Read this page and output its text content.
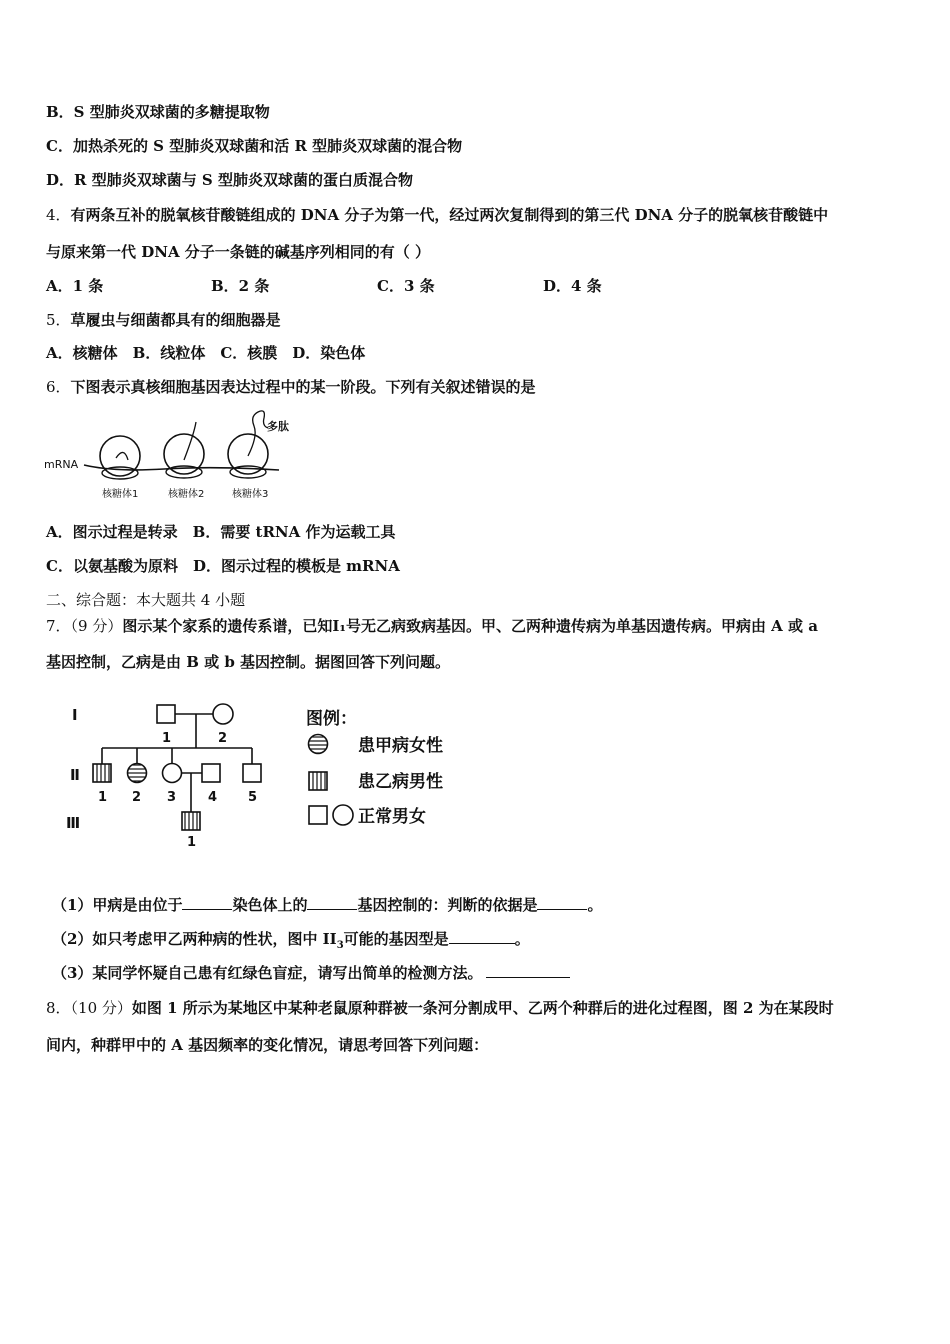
B．S 型肺炎双球菌的多糖提取物
C．加热杀死的 S 型肺炎双球菌和活 R 型肺炎双球菌的混合物
D．R 型肺炎双球菌与 S 型肺炎双球菌的蛋白质混合物
4．有两条互补的脱氧核苷酸链组成的 DNA 分子为第一代，经过两次复制得到的第三代 DNA 分子的脱氧核苷酸链中
与原来第一代 DNA 分子一条链的碱基序列相同的有（ ）
A．1 条	B．2 条	C．3 条	D．4 条
5．草履虫与细菌都具有的细胞器是
A．核糖体　B．线粒体　C．核膜　D．染色体
6．下图表示真核细胞基因表达过程中的某一阶段。下列有关叙述错误的是
mRNA
多肽
核糖体1	核糖体2	核糖体3
A．图示过程是转录　B．需要 tRNA 作为运载工具
C．以氨基酸为原料　D．图示过程的模板是 mRNA
二、综合题：本大题共 4 小题
7．（9 分）图示某个家系的遗传系谱，已知Ⅰ₁号无乙病致病基因。甲、乙两种遗传病为单基因遗传病。甲病由 A 或 a
基因控制，乙病是由 B 或 b 基因控制。据图回答下列问题。
Ⅰ
Ⅱ
Ⅲ
1	2
1 2 3 4 5
1
图例：
患甲病女性
患乙病男性
正常男女
（1）甲病是由位于	染色体上的	基因控制的：判断的依据是	。
（2）如只考虑甲乙两种病的性状，图中 $II_3$可能的基因型是	。
（3）某同学怀疑自己患有红绿色盲症，请写出简单的检测方法。
8．（10 分）如图 1 所示为某地区中某种老鼠原种群被一条河分割成甲、乙两个种群后的进化过程图，图 2 为在某段时
间内，种群甲中的 A 基因频率的变化情况，请思考回答下列问题：
